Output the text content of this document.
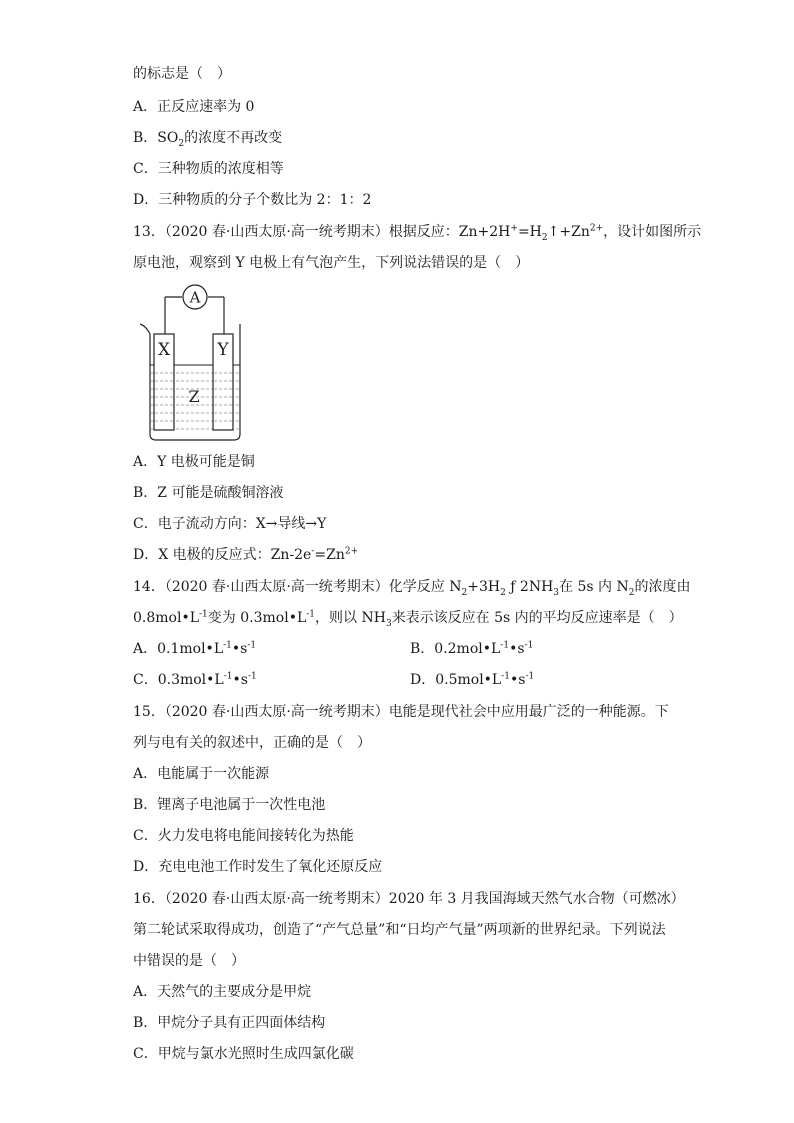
的标志是（　）
A．正反应速率为 0
B．$SO_2$的浓度不再改变
C．三种物质的浓度相等
D．三种物质的分子个数比为 2：1：2
13．（2020 春·山西太原·高一统考期末）根据反应：$Zn+2H^+=H_2↑+Zn^{2+}$，设计如图所示
原电池，观察到 Y 电极上有气泡产生，下列说法错误的是（　）
A
X	Y
Z
A．Y 电极可能是铜
B．Z 可能是硫酸铜溶液
C．电子流动方向：X→导线→Y
D．X 电极的反应式：$Zn-2e^-=Zn^{2+}$
14．（2020 春·山西太原·高一统考期末）化学反应 $N_2+3H_2$ ƒ $2NH_3$在 5s 内 $N_2$的浓度由
$0.8mol•L^{-1}$变为 $0.3mol•L^{-1}$，则以 $NH_3$来表示该反应在 5s 内的平均反应速率是（　）
A．$0.1mol•L^{-1}•s^{-1}$	B．$0.2mol•L^{-1}•s^{-1}$
C．$0.3mol•L^{-1}•s^{-1}$	D．$0.5mol•L^{-1}•s^{-1}$
15．（2020 春·山西太原·高一统考期末）电能是现代社会中应用最广泛的一种能源。下
列与电有关的叙述中，正确的是（　）
A．电能属于一次能源
B．锂离子电池属于一次性电池
C．火力发电将电能间接转化为热能
D．充电电池工作时发生了氧化还原反应
16．（2020 春·山西太原·高一统考期末）2020 年 3 月我国海域天然气水合物（可燃冰）
第二轮试采取得成功，创造了“产气总量”和“日均产气量”两项新的世界纪录。下列说法
中错误的是（　）
A．天然气的主要成分是甲烷
B．甲烷分子具有正四面体结构
C．甲烷与氯水光照时生成四氯化碳
